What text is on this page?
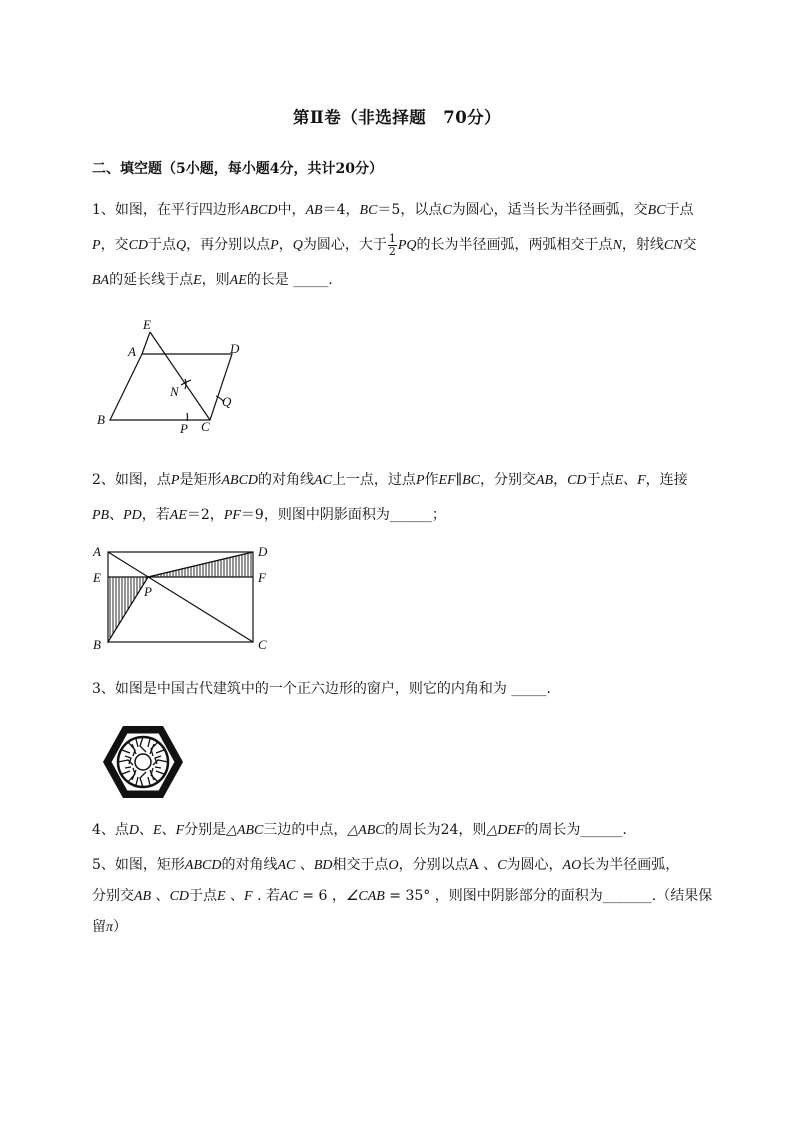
第Ⅱ卷（非选择题　70分）
二、填空题（5小题，每小题4分，共计20分）
1、如图，在平行四边形ABCD中，AB＝4，BC＝5，以点C为圆心，适当长为半径画弧，交BC于点
P，交CD于点Q，再分别以点P，Q为圆心，大于 $\frac{1}{2}$ PQ的长为半径画弧，两弧相交于点N，射线CN交
BA的延长线于点E，则AE的长是 _____.
E
A	D
N
Q
B
P C
2、如图，点P是矩形ABCD的对角线AC上一点，过点P作EF∥BC，分别交AB，CD于点E、F，连接
PB、PD，若AE＝2，PF＝9，则图中阴影面积为______；
A	D
E	F
P
B	C
3、如图是中国古代建筑中的一个正六边形的窗户，则它的内角和为 _____.
4、点D、E、F分别是△ABC三边的中点，△ABC的周长为24，则△DEF的周长为______.
5、如图，矩形ABCD的对角线AC 、BD相交于点O，分别以点A 、C为圆心，AO长为半径画弧，
分别交AB 、CD于点E 、F . 若AC = 6 ，∠CAB = 35° ，则图中阴影部分的面积为_______.（结果保
留π）
